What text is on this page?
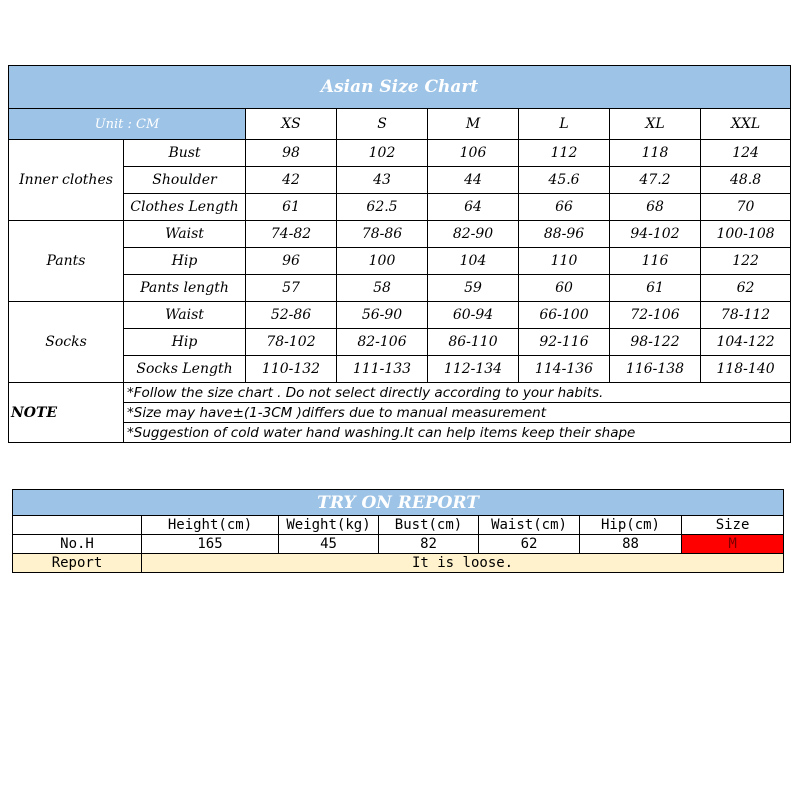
Asian Size Chart							
Unit : CM		XS	S	M	L	XL	XXL
Inner clothes	Bust	98	102	106	112	118	124
	Shoulder	42	43	44	45.6	47.2	48.8
	Clothes Length	61	62.5	64	66	68	70
Pants	Waist	74-82	78-86	82-90	88-96	94-102	100-108
	Hip	96	100	104	110	116	122
	Pants length	57	58	59	60	61	62
Socks	Waist	52-86	56-90	60-94	66-100	72-106	78-112
	Hip	78-102	82-106	86-110	92-116	98-122	104-122
	Socks Length	110-132	111-133	112-134	114-136	116-138	118-140
NOTE	*Follow the size chart . Do not select directly according to your habits.						
	*Size may have±(1-3CM )differs due to manual measurement						
	*Suggestion of cold water hand washing.It can help items keep their shape						
TRY ON REPORT						
	Height(cm)	Weight(kg)	Bust(cm)	Waist(cm)	Hip(cm)	Size
No.H	165	45	82	62	88	M
Report	It is loose.					
